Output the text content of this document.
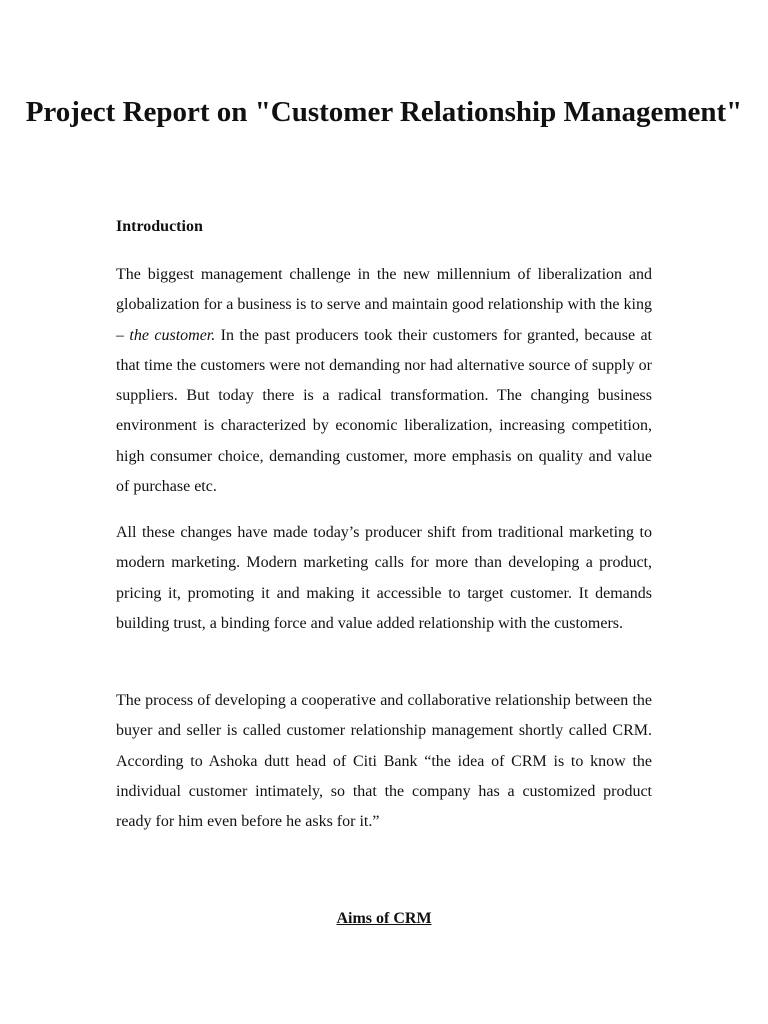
Project Report on "Customer Relationship Management"

Introduction

The biggest management challenge in the new millennium of liberalization and globalization for a business is to serve and maintain good relationship with the king – the customer. In the past producers took their customers for granted, because at that time the customers were not demanding nor had alternative source of supply or suppliers. But today there is a radical transformation. The changing business environment is characterized by economic liberalization, increasing competition, high consumer choice, demanding customer, more emphasis on quality and value of purchase etc.

All these changes have made today’s producer shift from traditional marketing to modern marketing. Modern marketing calls for more than developing a product, pricing it, promoting it and making it accessible to target customer. It demands building trust, a binding force and value added relationship with the customers.

The process of developing a cooperative and collaborative relationship between the buyer and seller is called customer relationship management shortly called CRM. According to Ashoka dutt head of Citi Bank “the idea of CRM is to know the individual customer intimately, so that the company has a customized product ready for him even before he asks for it.”

Aims of CRM
